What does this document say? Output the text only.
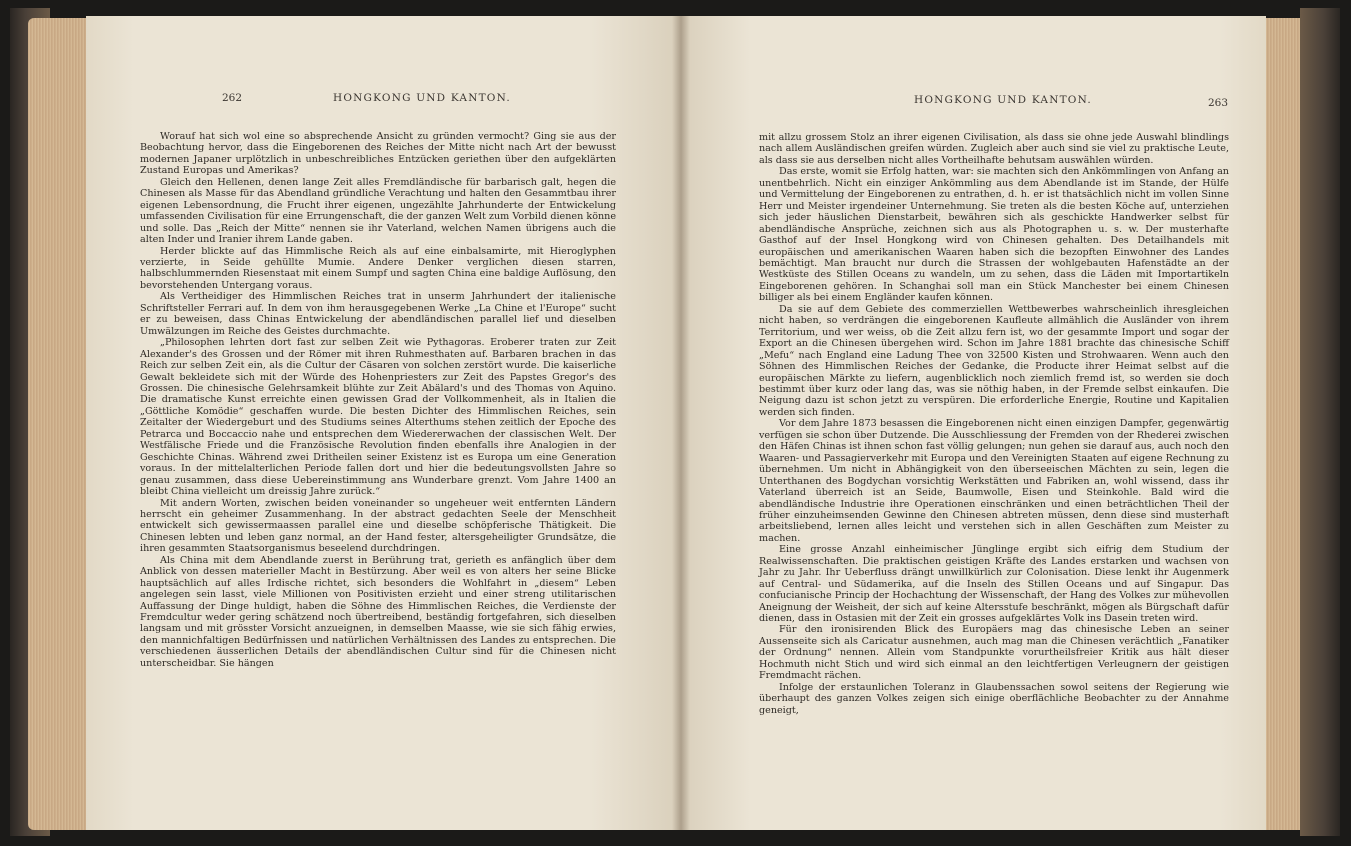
262	HONGKONG UND KANTON.	HONGKONG UND KANTON.	263

Worauf hat sich wol eine so absprechende Ansicht zu gründen vermocht? Ging sie aus der Beobachtung hervor, dass die Eingeborenen des Reiches der Mitte nicht nach Art der bewusst modernen Japaner urplötzlich in unbeschreibliches Entzücken geriethen über den aufgeklärten Zustand Europas und Amerikas?

Gleich den Hellenen, denen lange Zeit alles Fremdländische für barbarisch galt, hegen die Chinesen als Masse für das Abendland gründliche Verachtung und halten den Gesammtbau ihrer eigenen Lebensordnung, die Frucht ihrer eigenen, ungezählte Jahrhunderte der Entwickelung umfassenden Civilisation für eine Errungenschaft, die der ganzen Welt zum Vorbild dienen könne und solle. Das „Reich der Mitte“ nennen sie ihr Vaterland, welchen Namen übrigens auch die alten Inder und Iranier ihrem Lande gaben.

Herder blickte auf das Himmlische Reich als auf eine einbalsamirte, mit Hieroglyphen verzierte, in Seide gehüllte Mumie. Andere Denker verglichen diesen starren, halbschlummernden Riesenstaat mit einem Sumpf und sagten China eine baldige Auflösung, den bevorstehenden Untergang voraus.

Als Vertheidiger des Himmlischen Reiches trat in unserm Jahrhundert der italienische Schriftsteller Ferrari auf. In dem von ihm herausgegebenen Werke „La Chine et l'Europe“ sucht er zu beweisen, dass Chinas Entwickelung der abendländischen parallel lief und dieselben Umwälzungen im Reiche des Geistes durchmachte.

„Philosophen lehrten dort fast zur selben Zeit wie Pythagoras. Eroberer traten zur Zeit Alexander's des Grossen und der Römer mit ihren Ruhmesthaten auf. Barbaren brachen in das Reich zur selben Zeit ein, als die Cultur der Cäsaren von solchen zerstört wurde. Die kaiserliche Gewalt bekleidete sich mit der Würde des Hohenpriesters zur Zeit des Papstes Gregor's des Grossen. Die chinesische Gelehrsamkeit blühte zur Zeit Abälard's und des Thomas von Aquino. Die dramatische Kunst erreichte einen gewissen Grad der Vollkommenheit, als in Italien die „Göttliche Komödie“ geschaffen wurde. Die besten Dichter des Himmlischen Reiches, sein Zeitalter der Wiedergeburt und des Studiums seines Alterthums stehen zeitlich der Epoche des Petrarca und Boccaccio nahe und entsprechen dem Wiedererwachen der classischen Welt. Der Westfälische Friede und die Französische Revolution finden ebenfalls ihre Analogien in der Geschichte Chinas. Während zwei Dritheilen seiner Existenz ist es Europa um eine Generation voraus. In der mittelalterlichen Periode fallen dort und hier die bedeutungsvollsten Jahre so genau zusammen, dass diese Uebereinstimmung ans Wunderbare grenzt. Vom Jahre 1400 an bleibt China vielleicht um dreissig Jahre zurück.“

Mit andern Worten, zwischen beiden voneinander so ungeheuer weit entfernten Ländern herrscht ein geheimer Zusammenhang. In der abstract gedachten Seele der Menschheit entwickelt sich gewissermaassen parallel eine und dieselbe schöpferische Thätigkeit. Die Chinesen lebten und leben ganz normal, an der Hand fester, altersgeheiligter Grundsätze, die ihren gesammten Staatsorganismus beseelend durchdringen.

Als China mit dem Abendlande zuerst in Berührung trat, gerieth es anfänglich über dem Anblick von dessen materieller Macht in Bestürzung. Aber weil es von alters her seine Blicke hauptsächlich auf alles Irdische richtet, sich besonders die Wohlfahrt in „diesem“ Leben angelegen sein lasst, viele Millionen von Positivisten erzieht und einer streng utilitarischen Auffassung der Dinge huldigt, haben die Söhne des Himmlischen Reiches, die Verdienste der Fremdcultur weder gering schätzend noch übertreibend, beständig fortgefahren, sich dieselben langsam und mit grösster Vorsicht anzueignen, in demselben Maasse, wie sie sich fähig erwies, den mannichfaltigen Bedürfnissen und natürlichen Verhältnissen des Landes zu entsprechen. Die verschiedenen äusserlichen Details der abendländischen Cultur sind für die Chinesen nicht unterscheidbar. Sie hängen

mit allzu grossem Stolz an ihrer eigenen Civilisation, als dass sie ohne jede Auswahl blindlings nach allem Ausländischen greifen würden. Zugleich aber auch sind sie viel zu praktische Leute, als dass sie aus derselben nicht alles Vortheilhafte behutsam auswählen würden.

Das erste, womit sie Erfolg hatten, war: sie machten sich den Ankömmlingen von Anfang an unentbehrlich. Nicht ein einziger Ankömmling aus dem Abendlande ist im Stande, der Hülfe und Vermittelung der Eingeborenen zu entrathen, d. h. er ist thatsächlich nicht im vollen Sinne Herr und Meister irgendeiner Unternehmung. Sie treten als die besten Köche auf, unterziehen sich jeder häuslichen Dienstarbeit, bewähren sich als geschickte Handwerker selbst für abendländische Ansprüche, zeichnen sich aus als Photographen u. s. w. Der musterhafte Gasthof auf der Insel Hongkong wird von Chinesen gehalten. Des Detailhandels mit europäischen und amerikanischen Waaren haben sich die bezopften Einwohner des Landes bemächtigt. Man braucht nur durch die Strassen der wohlgebauten Hafenstädte an der Westküste des Stillen Oceans zu wandeln, um zu sehen, dass die Läden mit Importartikeln Eingeborenen gehören. In Schanghai soll man ein Stück Manchester bei einem Chinesen billiger als bei einem Engländer kaufen können.

Da sie auf dem Gebiete des commerziellen Wettbewerbes wahrscheinlich ihresgleichen nicht haben, so verdrängen die eingeborenen Kaufleute allmählich die Ausländer von ihrem Territorium, und wer weiss, ob die Zeit allzu fern ist, wo der gesammte Import und sogar der Export an die Chinesen übergehen wird. Schon im Jahre 1881 brachte das chinesische Schiff „Mefu“ nach England eine Ladung Thee von 32500 Kisten und Strohwaaren. Wenn auch den Söhnen des Himmlischen Reiches der Gedanke, die Producte ihrer Heimat selbst auf die europäischen Märkte zu liefern, augenblicklich noch ziemlich fremd ist, so werden sie doch bestimmt über kurz oder lang das, was sie nöthig haben, in der Fremde selbst einkaufen. Die Neigung dazu ist schon jetzt zu verspüren. Die erforderliche Energie, Routine und Kapitalien werden sich finden.

Vor dem Jahre 1873 besassen die Eingeborenen nicht einen einzigen Dampfer, gegenwärtig verfügen sie schon über Dutzende. Die Ausschliessung der Fremden von der Rhederei zwischen den Häfen Chinas ist ihnen schon fast völlig gelungen; nun gehen sie darauf aus, auch noch den Waaren- und Passagierverkehr mit Europa und den Vereinigten Staaten auf eigene Rechnung zu übernehmen. Um nicht in Abhängigkeit von den überseeischen Mächten zu sein, legen die Unterthanen des Bogdychan vorsichtig Werkstätten und Fabriken an, wohl wissend, dass ihr Vaterland überreich ist an Seide, Baumwolle, Eisen und Steinkohle. Bald wird die abendländische Industrie ihre Operationen einschränken und einen beträchtlichen Theil der früher einzuheimsenden Gewinne den Chinesen abtreten müssen, denn diese sind musterhaft arbeitsliebend, lernen alles leicht und verstehen sich in allen Geschäften zum Meister zu machen.

Eine grosse Anzahl einheimischer Jünglinge ergibt sich eifrig dem Studium der Realwissenschaften. Die praktischen geistigen Kräfte des Landes erstarken und wachsen von Jahr zu Jahr. Ihr Ueberfluss drängt unwillkürlich zur Colonisation. Diese lenkt ihr Augenmerk auf Central- und Südamerika, auf die Inseln des Stillen Oceans und auf Singapur. Das confucianische Princip der Hochachtung der Wissenschaft, der Hang des Volkes zur mühevollen Aneignung der Weisheit, der sich auf keine Altersstufe beschränkt, mögen als Bürgschaft dafür dienen, dass in Ostasien mit der Zeit ein grosses aufgeklärtes Volk ins Dasein treten wird.

Für den ironisirenden Blick des Europäers mag das chinesische Leben an seiner Aussenseite sich als Caricatur ausnehmen, auch mag man die Chinesen verächtlich „Fanatiker der Ordnung“ nennen. Allein vom Standpunkte vorurtheilsfreier Kritik aus hält dieser Hochmuth nicht Stich und wird sich einmal an den leichtfertigen Verleugnern der geistigen Fremdmacht rächen.

Infolge der erstaunlichen Toleranz in Glaubenssachen sowol seitens der Regierung wie überhaupt des ganzen Volkes zeigen sich einige oberflächliche Beobachter zu der Annahme geneigt,
